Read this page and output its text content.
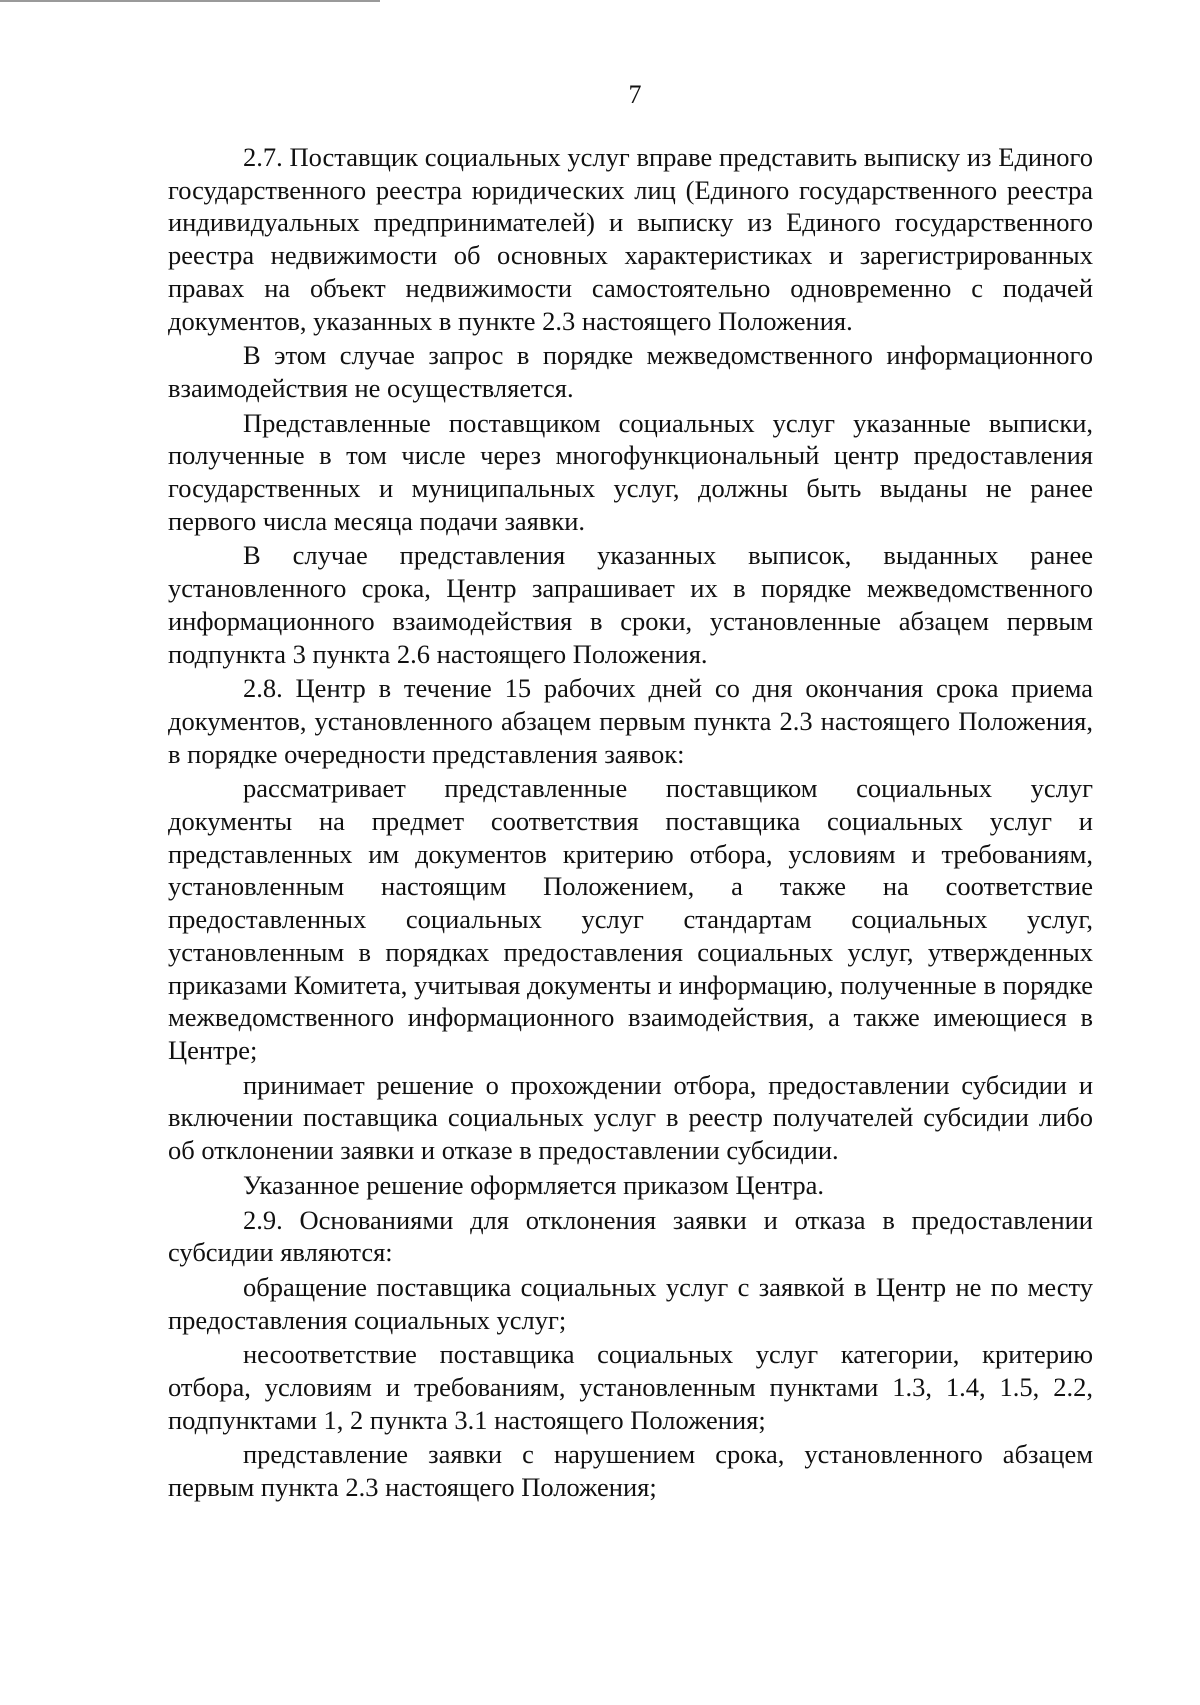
7

2.7. Поставщик социальных услуг вправе представить выписку из Единого государственного реестра юридических лиц (Единого государственного реестра индивидуальных предпринимателей) и выписку из Единого государственного реестра недвижимости об основных характеристиках и зарегистрированных правах на объект недвижимости самостоятельно одновременно с подачей документов, указанных в пункте 2.3 настоящего Положения.

В этом случае запрос в порядке межведомственного информационного взаимодействия не осуществляется.

Представленные поставщиком социальных услуг указанные выписки, полученные в том числе через многофункциональный центр предоставления государственных и муниципальных услуг, должны быть выданы не ранее первого числа месяца подачи заявки.

В случае представления указанных выписок, выданных ранее установленного срока, Центр запрашивает их в порядке межведомственного информационного взаимодействия в сроки, установленные абзацем первым подпункта 3 пункта 2.6 настоящего Положения.

2.8. Центр в течение 15 рабочих дней со дня окончания срока приема документов, установленного абзацем первым пункта 2.3 настоящего Положения, в порядке очередности представления заявок:

рассматривает представленные поставщиком социальных услуг документы на предмет соответствия поставщика социальных услуг и представленных им документов критерию отбора, условиям и требованиям, установленным настоящим Положением, а также на соответствие предоставленных социальных услуг стандартам социальных услуг, установленным в порядках предоставления социальных услуг, утвержденных приказами Комитета, учитывая документы и информацию, полученные в порядке межведомственного информационного взаимодействия, а также имеющиеся в Центре;

принимает решение о прохождении отбора, предоставлении субсидии и включении поставщика социальных услуг в реестр получателей субсидии либо об отклонении заявки и отказе в предоставлении субсидии.

Указанное решение оформляется приказом Центра.

2.9. Основаниями для отклонения заявки и отказа в предоставлении субсидии являются:

обращение поставщика социальных услуг с заявкой в Центр не по месту предоставления социальных услуг;

несоответствие поставщика социальных услуг категории, критерию отбора, условиям и требованиям, установленным пунктами 1.3, 1.4, 1.5, 2.2, подпунктами 1, 2 пункта 3.1 настоящего Положения;

представление заявки с нарушением срока, установленного абзацем первым пункта 2.3 настоящего Положения;
